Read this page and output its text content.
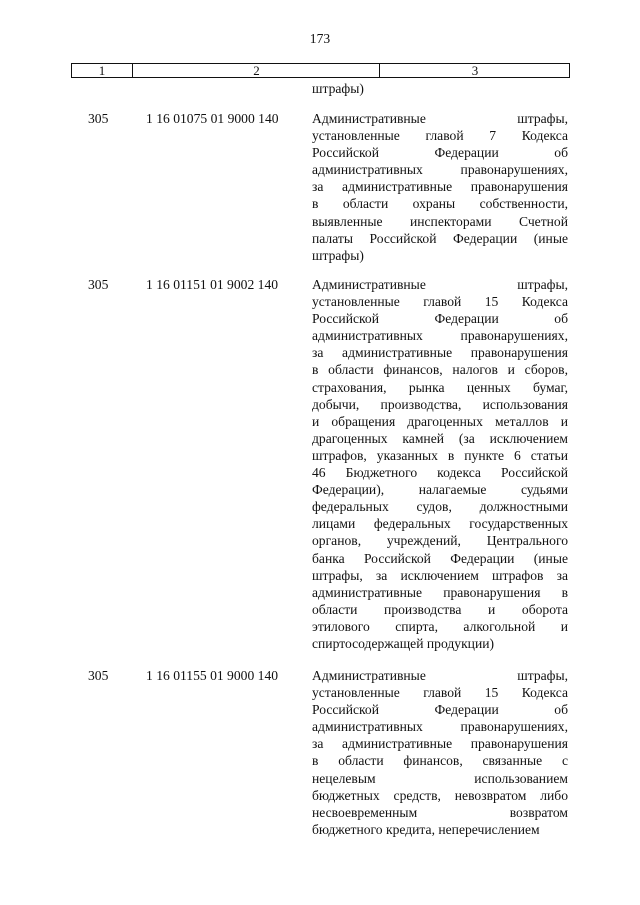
173
1	2	3
штрафы)
305	1 16 01075 01 9000 140 Административные штрафы,
установленные главой 7 Кодекса
Российской Федерации об
административных правонарушениях,
за административные правонарушения
в области охраны собственности,
выявленные инспекторами Счетной
палаты Российской Федерации (иные
штрафы)
305	1 16 01151 01 9002 140 Административные штрафы,
установленные главой 15 Кодекса
Российской Федерации об
административных правонарушениях,
за административные правонарушения
в области финансов, налогов и сборов,
страхования, рынка ценных бумаг,
добычи, производства, использования
и обращения драгоценных металлов и
драгоценных камней (за исключением
штрафов, указанных в пункте 6 статьи
46 Бюджетного кодекса Российской
Федерации), налагаемые судьями
федеральных судов, должностными
лицами федеральных государственных
органов, учреждений, Центрального
банка Российской Федерации (иные
штрафы, за исключением штрафов за
административные правонарушения в
области производства и оборота
этилового спирта, алкогольной и
спиртосодержащей продукции)
305	1 16 01155 01 9000 140 Административные штрафы,
установленные главой 15 Кодекса
Российской Федерации об
административных правонарушениях,
за административные правонарушения
в области финансов, связанные с
нецелевым использованием
бюджетных средств, невозвратом либо
несвоевременным возвратом
бюджетного кредита, неперечислением
